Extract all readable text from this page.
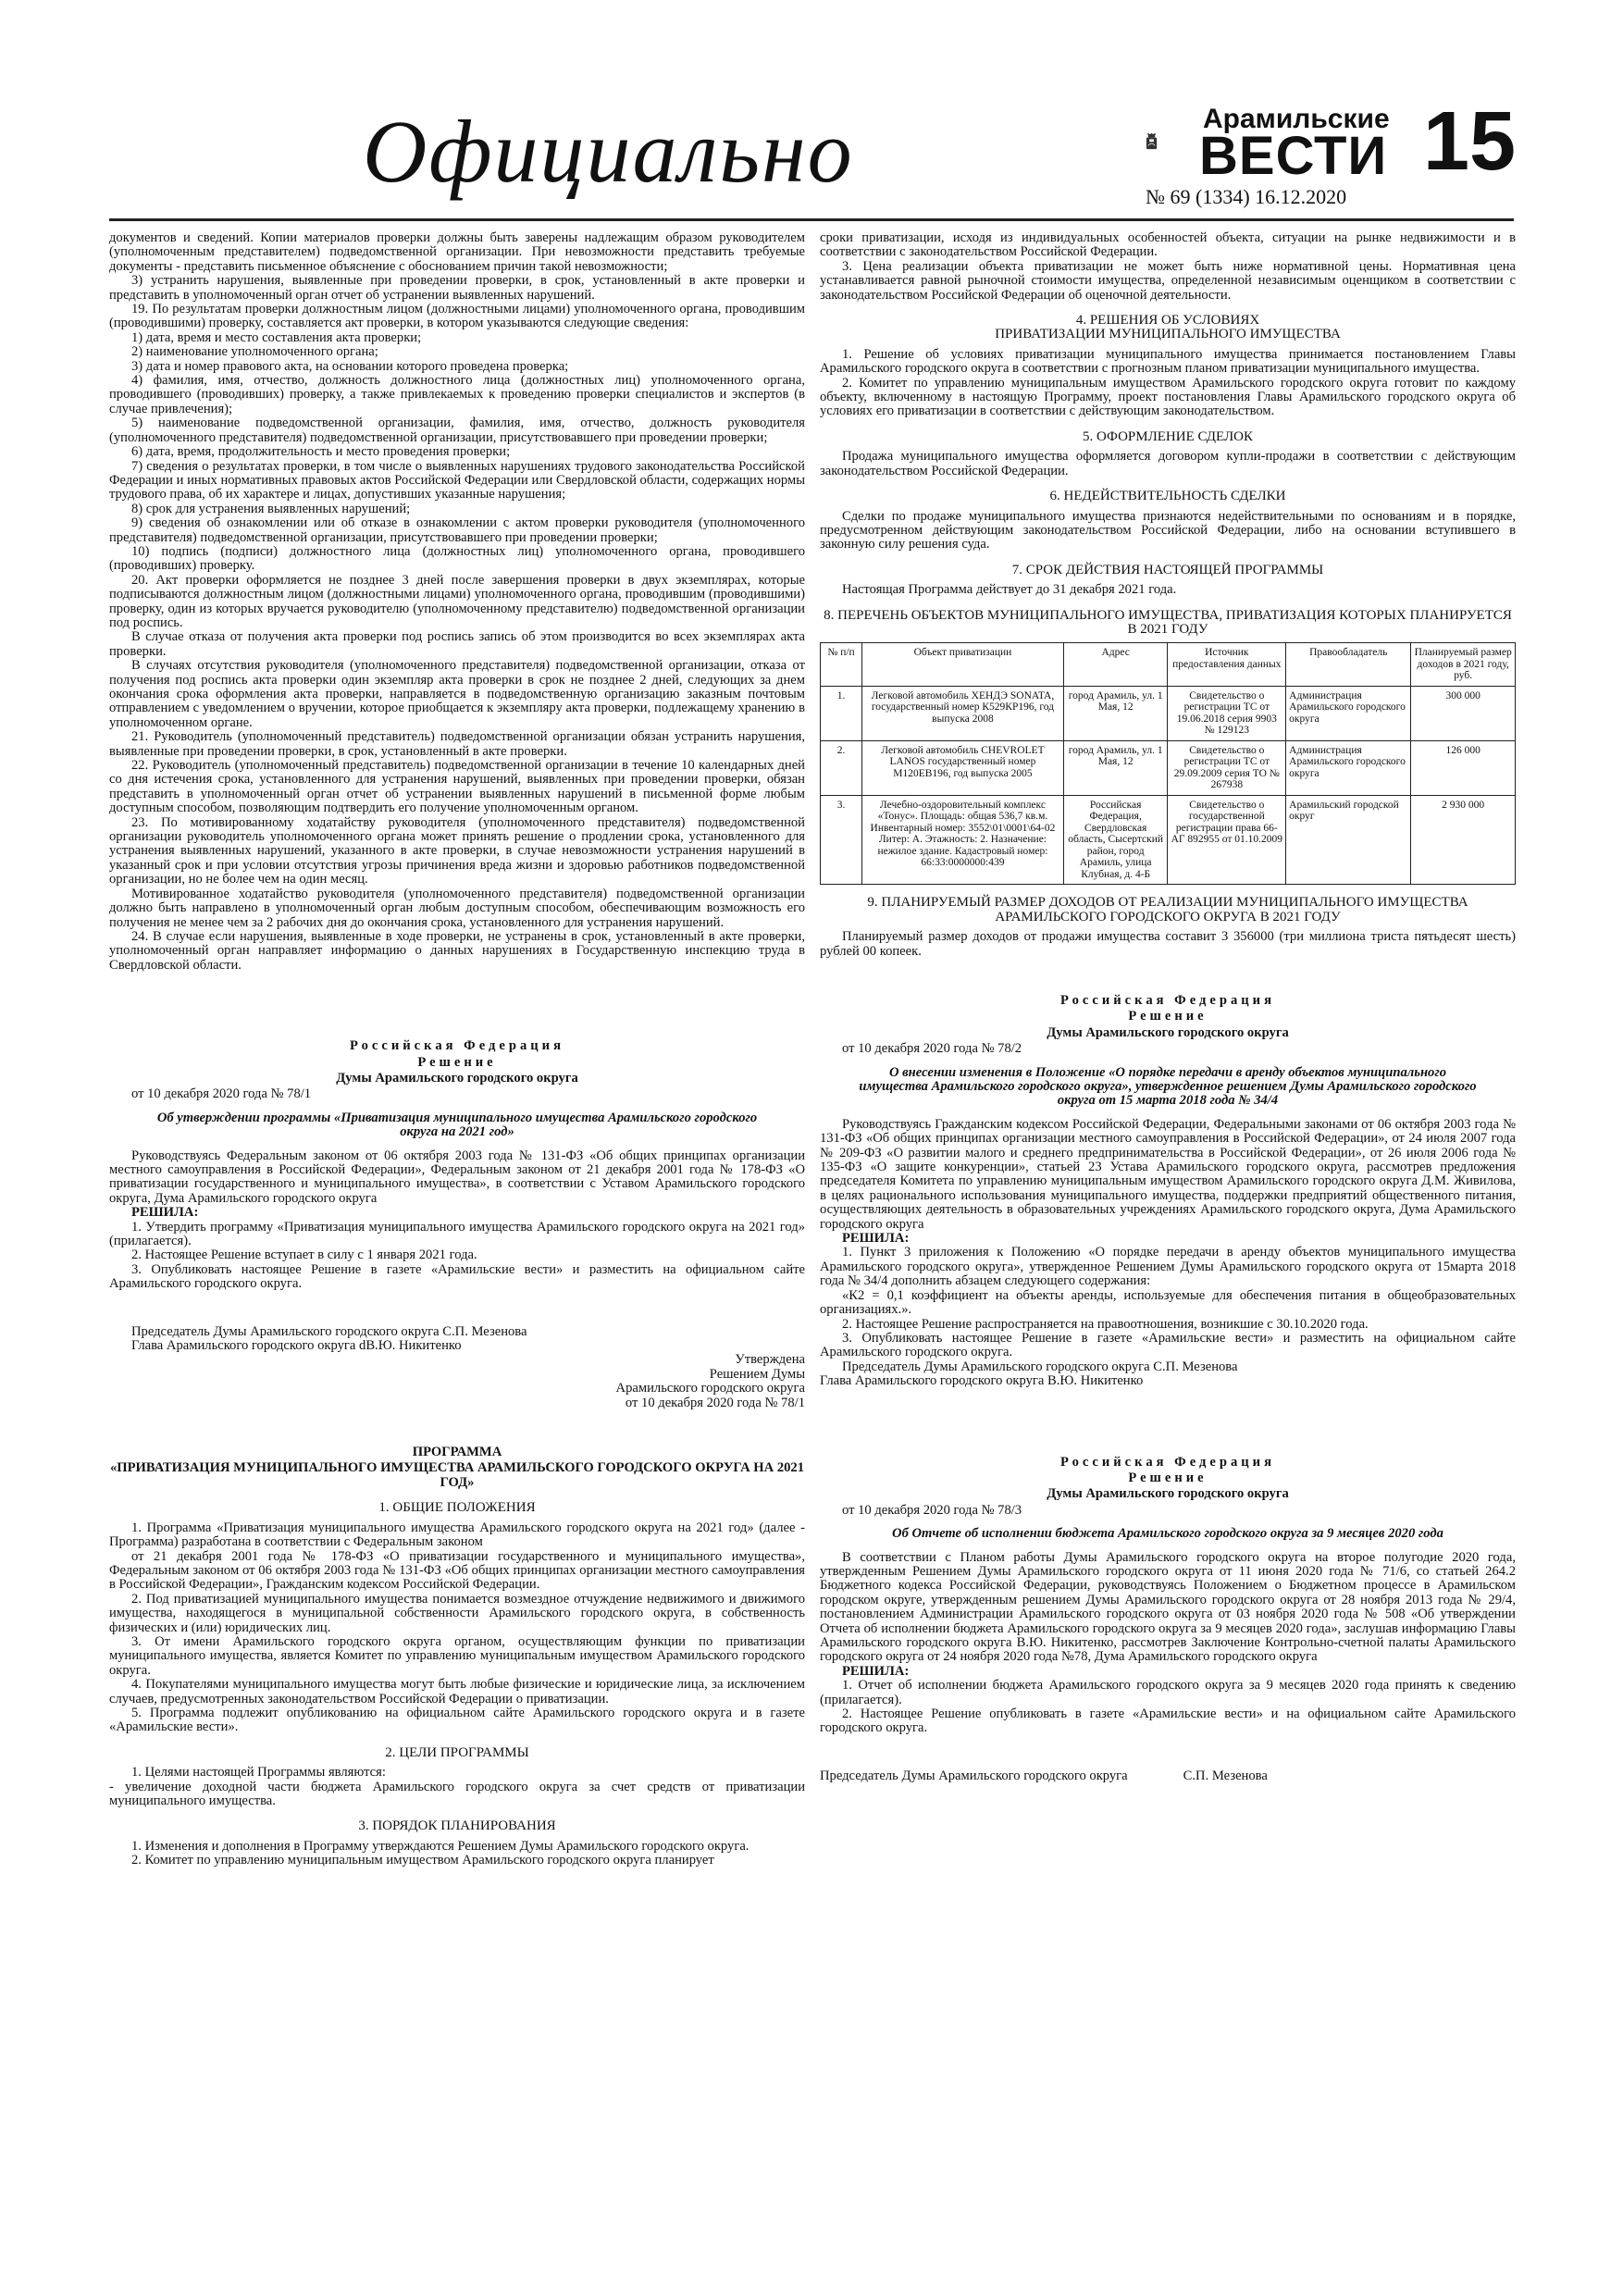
Официально	Арамильские
ВЕСТИ 15
№ 69 (1334) 16.12.2020

документов и сведений. Копии материалов проверки должны быть заверены надлежащим образом руководителем (уполномоченным представителем) подведомственной организации. При невозможности представить требуемые документы - представить письменное объяснение с обоснованием причин такой невозможности;

3) устранить нарушения, выявленные при проведении проверки, в срок, установленный в акте проверки и представить в уполномоченный орган отчет об устранении выявленных нарушений.

19. По результатам проверки должностным лицом (должностными лицами) уполномоченного органа, проводившим (проводившими) проверку, составляется акт проверки, в котором указываются следующие сведения:

1) дата, время и место составления акта проверки;

2) наименование уполномоченного органа;

3) дата и номер правового акта, на основании которого проведена проверка;

4) фамилия, имя, отчество, должность должностного лица (должностных лиц) уполномоченного органа, проводившего (проводивших) проверку, а также привлекаемых к проведению проверки специалистов и экспертов (в случае привлечения);

5) наименование подведомственной организации, фамилия, имя, отчество, должность руководителя (уполномоченного представителя) подведомственной организации, присутствовавшего при проведении проверки;

6) дата, время, продолжительность и место проведения проверки;

7) сведения о результатах проверки, в том числе о выявленных нарушениях трудового законодательства Российской Федерации и иных нормативных правовых актов Российской Федерации или Свердловской области, содержащих нормы трудового права, об их характере и лицах, допустивших указанные нарушения;

8) срок для устранения выявленных нарушений;

9) сведения об ознакомлении или об отказе в ознакомлении с актом проверки руководителя (уполномоченного представителя) подведомственной организации, присутствовавшего при проведении проверки;

10) подпись (подписи) должностного лица (должностных лиц) уполномоченного органа, проводившего (проводивших) проверку.

20. Акт проверки оформляется не позднее 3 дней после завершения проверки в двух экземплярах, которые подписываются должностным лицом (должностными лицами) уполномоченного органа, проводившим (проводившими) проверку, один из которых вручается руководителю (уполномоченному представителю) подведомственной организации под роспись.

В случае отказа от получения акта проверки под роспись запись об этом производится во всех экземплярах акта проверки.

В случаях отсутствия руководителя (уполномоченного представителя) подведомственной организации, отказа от получения под роспись акта проверки один экземпляр акта проверки в срок не позднее 2 дней, следующих за днем окончания срока оформления акта проверки, направляется в подведомственную организацию заказным почтовым отправлением с уведомлением о вручении, которое приобщается к экземпляру акта проверки, подлежащему хранению в уполномоченном органе.

21. Руководитель (уполномоченный представитель) подведомственной организации обязан устранить нарушения, выявленные при проведении проверки, в срок, установленный в акте проверки.

22. Руководитель (уполномоченный представитель) подведомственной организации в течение 10 календарных дней со дня истечения срока, установленного для устранения нарушений, выявленных при проведении проверки, обязан представить в уполномоченный орган отчет об устранении выявленных нарушений в письменной форме любым доступным способом, позволяющим подтвердить его получение уполномоченным органом.

23. По мотивированному ходатайству руководителя (уполномоченного представителя) подведомственной организации руководитель уполномоченного органа может принять решение о продлении срока, установленного для устранения выявленных нарушений, указанного в акте проверки, в случае невозможности устранения нарушений в указанный срок и при условии отсутствия угрозы причинения вреда жизни и здоровью работников подведомственной организации, но не более чем на один месяц.

Мотивированное ходатайство руководителя (уполномоченного представителя) подведомственной организации должно быть направлено в уполномоченный орган любым доступным способом, обеспечивающим возможность его получения не менее чем за 2 рабочих дня до окончания срока, установленного для устранения нарушений.

24. В случае если нарушения, выявленные в ходе проверки, не устранены в срок, установленный в акте проверки, уполномоченный орган направляет информацию о данных нарушениях в Государственную инспекцию труда в Свердловской области.

Российская Федерация
Решение
Думы Арамильского городского округа

от 10 декабря 2020 года № 78/1

Об утверждении программы «Приватизация муниципального имущества Арамильского городского округа на 2021 год»

Руководствуясь Федеральным законом от 06 октября 2003 года № 131-ФЗ «Об общих принципах организации местного самоуправления в Российской Федерации», Федеральным законом от 21 декабря 2001 года № 178-ФЗ «О приватизации государственного и муниципального имущества», в соответствии с Уставом Арамильского городского округа, Дума Арамильского городского округа

РЕШИЛА:

1. Утвердить программу «Приватизация муниципального имущества Арамильского городского округа на 2021 год» (прилагается).

2. Настоящее Решение вступает в силу с 1 января 2021 года.

3. Опубликовать настоящее Решение в газете «Арамильские вести» и разместить на официальном сайте Арамильского городского округа.

Председатель Думы Арамильского городского округа С.П. Мезенова

Глава Арамильского городского округа dВ.Ю. Никитенко

Утверждена
Решением Думы
Арамильского городского округа
от 10 декабря 2020 года № 78/1
ПРОГРАММА
«ПРИВАТИЗАЦИЯ МУНИЦИПАЛЬНОГО ИМУЩЕСТВА АРАМИЛЬСКОГО ГОРОДСКОГО ОКРУГА НА 2021 ГОД»
1. ОБЩИЕ ПОЛОЖЕНИЯ

1. Программа «Приватизация муниципального имущества Арамильского городского округа на 2021 год» (далее - Программа) разработана в соответствии с Федеральным законом

от 21 декабря 2001 года № 178-ФЗ «О приватизации государственного и муниципального имущества», Федеральным законом от 06 октября 2003 года № 131-ФЗ «Об общих принципах организации местного самоуправления в Российской Федерации», Гражданским кодексом Российской Федерации.

2. Под приватизацией муниципального имущества понимается возмездное отчуждение недвижимого и движимого имущества, находящегося в муниципальной собственности Арамильского городского округа, в собственность физических и (или) юридических лиц.

3. От имени Арамильского городского округа органом, осуществляющим функции по приватизации муниципального имущества, является Комитет по управлению муниципальным имуществом Арамильского городского округа.

4. Покупателями муниципального имущества могут быть любые физические и юридические лица, за исключением случаев, предусмотренных законодательством Российской Федерации о приватизации.

5. Программа подлежит опубликованию на официальном сайте Арамильского городского округа и в газете «Арамильские вести».

2. ЦЕЛИ ПРОГРАММЫ

1. Целями настоящей Программы являются:

- увеличение доходной части бюджета Арамильского городского округа за счет средств от приватизации муниципального имущества.

3. ПОРЯДОК ПЛАНИРОВАНИЯ

1. Изменения и дополнения в Программу утверждаются Решением Думы Арамильского городского округа.

2. Комитет по управлению муниципальным имуществом Арамильского городского округа планирует

сроки приватизации, исходя из индивидуальных особенностей объекта, ситуации на рынке недвижимости и в соответствии с законодательством Российской Федерации.

3. Цена реализации объекта приватизации не может быть ниже нормативной цены. Нормативная цена устанавливается равной рыночной стоимости имущества, определенной независимым оценщиком в соответствии с законодательством Российской Федерации об оценочной деятельности.

4. РЕШЕНИЯ ОБ УСЛОВИЯХ
ПРИВАТИЗАЦИИ МУНИЦИПАЛЬНОГО ИМУЩЕСТВА

1. Решение об условиях приватизации муниципального имущества принимается постановлением Главы Арамильского городского округа в соответствии с прогнозным планом приватизации муниципального имущества.

2. Комитет по управлению муниципальным имуществом Арамильского городского округа готовит по каждому объекту, включенному в настоящую Программу, проект постановления Главы Арамильского городского округа об условиях его приватизации в соответствии с действующим законодательством.

5. ОФОРМЛЕНИЕ СДЕЛОК

Продажа муниципального имущества оформляется договором купли-продажи в соответствии с действующим законодательством Российской Федерации.

6. НЕДЕЙСТВИТЕЛЬНОСТЬ СДЕЛКИ

Сделки по продаже муниципального имущества признаются недействительными по основаниям и в порядке, предусмотренном действующим законодательством Российской Федерации, либо на основании вступившего в законную силу решения суда.

7. СРОК ДЕЙСТВИЯ НАСТОЯЩЕЙ ПРОГРАММЫ

Настоящая Программа действует до 31 декабря 2021 года.

8. ПЕРЕЧЕНЬ ОБЪЕКТОВ МУНИЦИПАЛЬНОГО ИМУЩЕСТВА, ПРИВАТИЗАЦИЯ КОТОРЫХ ПЛАНИРУЕТСЯ В 2021 ГОДУ
№ п/п	Объект приватизации	Адрес	Источник предоставления данных	Правообладатель	Планируемый размер доходов в 2021 году, руб.
1.	Легковой автомобиль ХЕНДЭ SONATA, государственный номер К529КР196, год выпуска 2008	город Арамиль, ул. 1 Мая, 12	Свидетельство о регистрации ТС от 19.06.2018 серия 9903 № 129123	Администрация Арамильского городского округа	300 000
2.	Легковой автомобиль CHEVROLET LANOS государственный номер М120ЕВ196, год выпуска 2005	город Арамиль, ул. 1 Мая, 12	Свидетельство о регистрации ТС от 29.09.2009 серия ТО № 267938	Администрация Арамильского городского округа	126 000
3.	Лечебно-оздоровительный комплекс «Тонус». Площадь: общая 536,7 кв.м. Инвентарный номер: 3552\01\0001\64-02 Литер: А. Этажность: 2. Назначение: нежилое здание. Кадастровый номер: 66:33:0000000:439	Российская Федерация, Свердловская область, Сысертский район, город Арамиль, улица Клубная, д. 4-Б	Свидетельство о государственной регистрации права 66-АГ 892955 от 01.10.2009	Арамильский городской округ	2 930 000
9. ПЛАНИРУЕМЫЙ РАЗМЕР ДОХОДОВ ОТ РЕАЛИЗАЦИИ МУНИЦИПАЛЬНОГО ИМУЩЕСТВА АРАМИЛЬСКОГО ГОРОДСКОГО ОКРУГА В 2021 ГОДУ

Планируемый размер доходов от продажи имущества составит 3 356000 (три миллиона триста пятьдесят шесть) рублей 00 копеек.

Российская Федерация
Решение
Думы Арамильского городского округа

от 10 декабря 2020 года № 78/2

О внесении изменения в Положение «О порядке передачи в аренду объектов муниципального имущества Арамильского городского округа», утвержденное решением Думы Арамильского городского округа от 15 марта 2018 года № 34/4

Руководствуясь Гражданским кодексом Российской Федерации, Федеральными законами от 06 октября 2003 года № 131-ФЗ «Об общих принципах организации местного самоуправления в Российской Федерации», от 24 июля 2007 года № 209-ФЗ «О развитии малого и среднего предпринимательства в Российской Федерации», от 26 июля 2006 года № 135-ФЗ «О защите конкуренции», статьей 23 Устава Арамильского городского округа, рассмотрев предложения председателя Комитета по управлению муниципальным имуществом Арамильского городского округа Д.М. Живилова, в целях рационального использования муниципального имущества, поддержки предприятий общественного питания, осуществляющих деятельность в образовательных учреждениях Арамильского городского округа, Дума Арамильского городского округа

РЕШИЛА:

1. Пункт 3 приложения к Положению «О порядке передачи в аренду объектов муниципального имущества Арамильского городского округа», утвержденное Решением Думы Арамильского городского округа от 15марта 2018 года № 34/4 дополнить абзацем следующего содержания:

«К2 = 0,1 коэффициент на объекты аренды, используемые для обеспечения питания в общеобразовательных организациях.».

2. Настоящее Решение распространяется на правоотношения, возникшие с 30.10.2020 года.

3. Опубликовать настоящее Решение в газете «Арамильские вести» и разместить на официальном сайте Арамильского городского округа.

Председатель Думы Арамильского городского округа С.П. Мезенова

Глава Арамильского городского округа В.Ю. Никитенко

Российская Федерация
Решение
Думы Арамильского городского округа

от 10 декабря 2020 года № 78/3

Об Отчете об исполнении бюджета Арамильского городского округа за 9 месяцев 2020 года

В соответствии с Планом работы Думы Арамильского городского округа на второе полугодие 2020 года, утвержденным Решением Думы Арамильского городского округа от 11 июня 2020 года № 71/6, со статьей 264.2 Бюджетного кодекса Российской Федерации, руководствуясь Положением о Бюджетном процессе в Арамильском городском округе, утвержденным решением Думы Арамильского городского округа от 28 ноября 2013 года № 29/4, постановлением Администрации Арамильского городского округа от 03 ноября 2020 года № 508 «Об утверждении Отчета об исполнении бюджета Арамильского городского округа за 9 месяцев 2020 года», заслушав информацию Главы Арамильского городского округа В.Ю. Никитенко, рассмотрев Заключение Контрольно-счетной палаты Арамильского городского округа от 24 ноября 2020 года №78, Дума Арамильского городского округа

РЕШИЛА:

1. Отчет об исполнении бюджета Арамильского городского округа за 9 месяцев 2020 года принять к сведению (прилагается).

2. Настоящее Решение опубликовать в газете «Арамильские вести» и на официальном сайте Арамильского городского округа.

Председатель Думы Арамильского городского округа	С.П. Мезенова
